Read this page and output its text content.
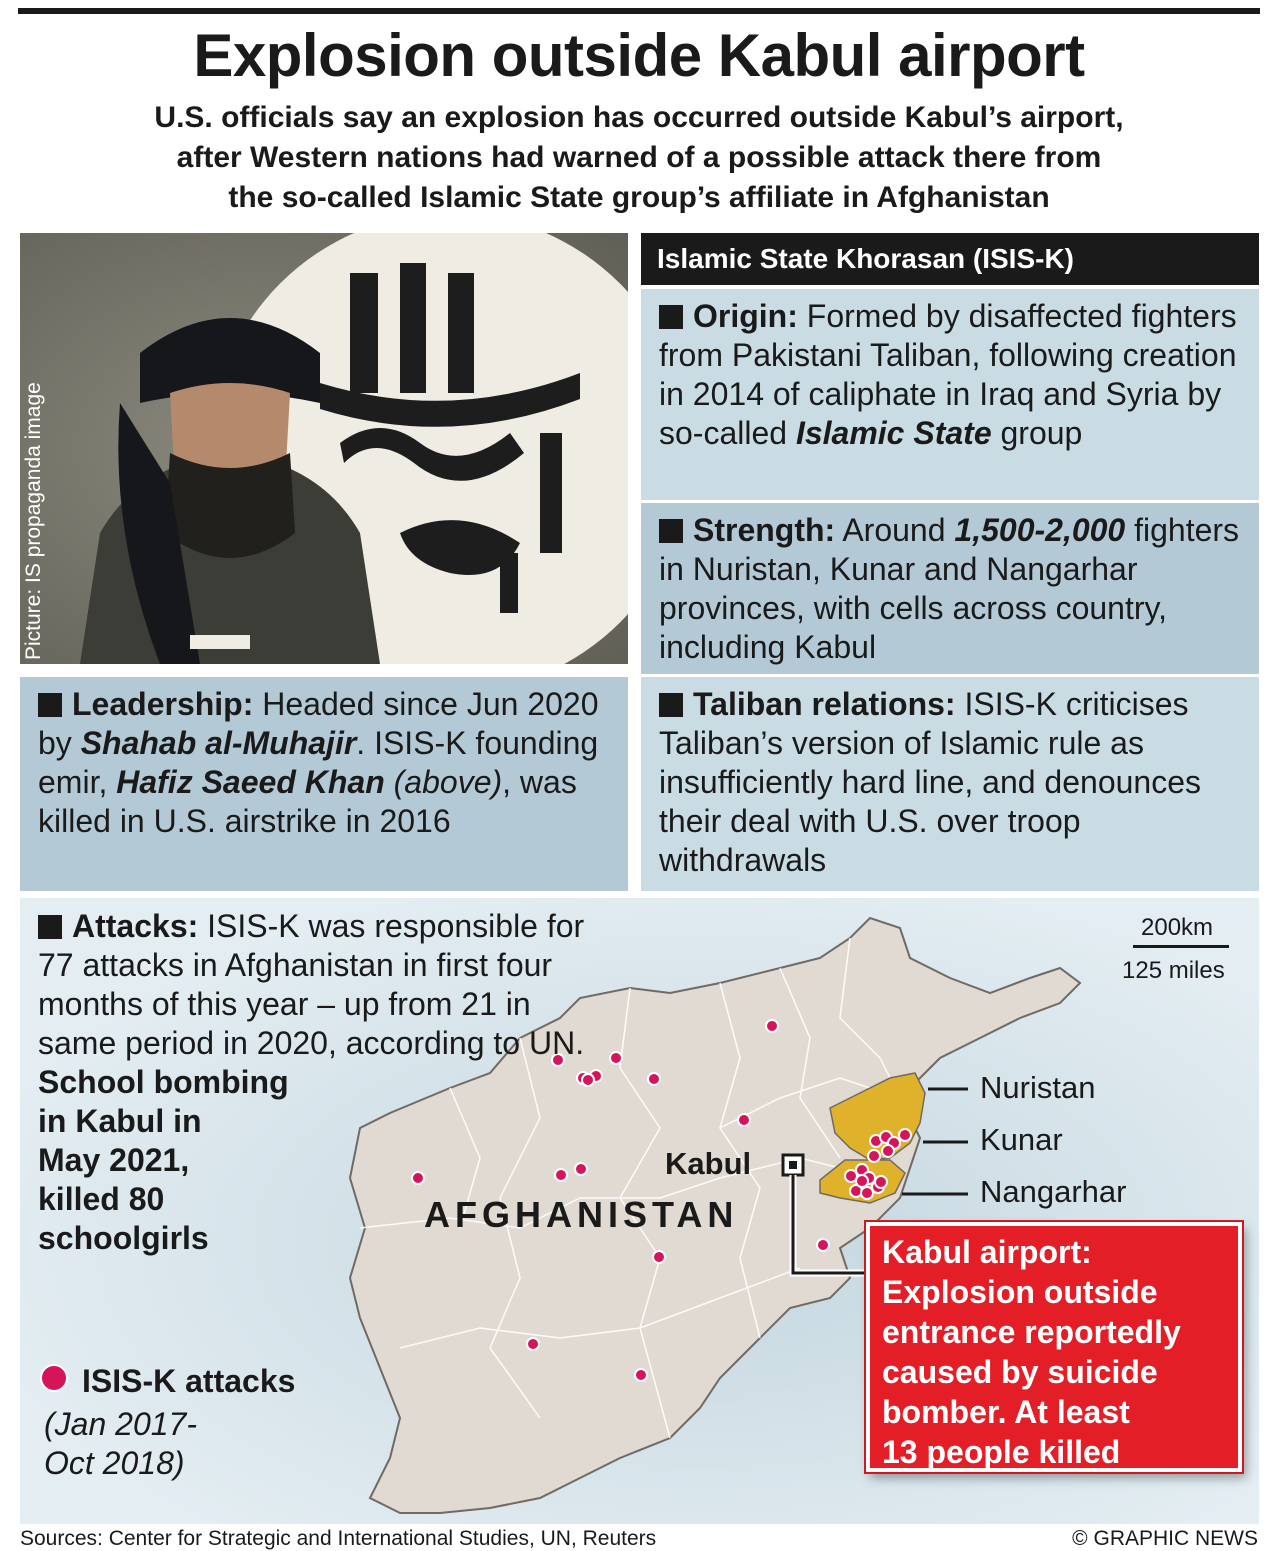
Explosion outside Kabul airport
U.S. officials say an explosion has occurred outside Kabul’s airport,
after Western nations had warned of a possible attack there from
the so-called Islamic State group’s affiliate in Afghanistan
Picture: IS propaganda image
Islamic State Khorasan (ISIS-K)
Origin: Formed by disaffected fighters from Pakistani Taliban, following creation in 2014 of caliphate in Iraq and Syria by so-called Islamic State group
Strength: Around 1,500-2,000 fighters in Nuristan, Kunar and Nangarhar provinces, with cells across country, including Kabul
Leadership: Headed since Jun 2020 by Shahab al-Muhajir. ISIS-K founding emir, Hafiz Saeed Khan (above), was killed in U.S. airstrike in 2016
Taliban relations: ISIS-K criticises Taliban’s version of Islamic rule as insufficiently hard line, and denounces their deal with U.S. over troop withdrawals
Attacks: ISIS-K was responsible for 77 attacks in Afghanistan in first four months of this year – up from 21 in same period in 2020, according to UN.
School bombing
in Kabul in
May 2021,
killed 80
schoolgirls
ISIS-K attacks
(Jan 2017-
Oct 2018)
200km
125 miles
Nuristan
Kunar
Nangarhar
Kabul
AFGHANISTAN
Kabul airport:
Explosion outside
entrance reportedly
caused by suicide
bomber. At least
13 people killed
Sources: Center for Strategic and International Studies, UN, Reuters	© GRAPHIC NEWS
